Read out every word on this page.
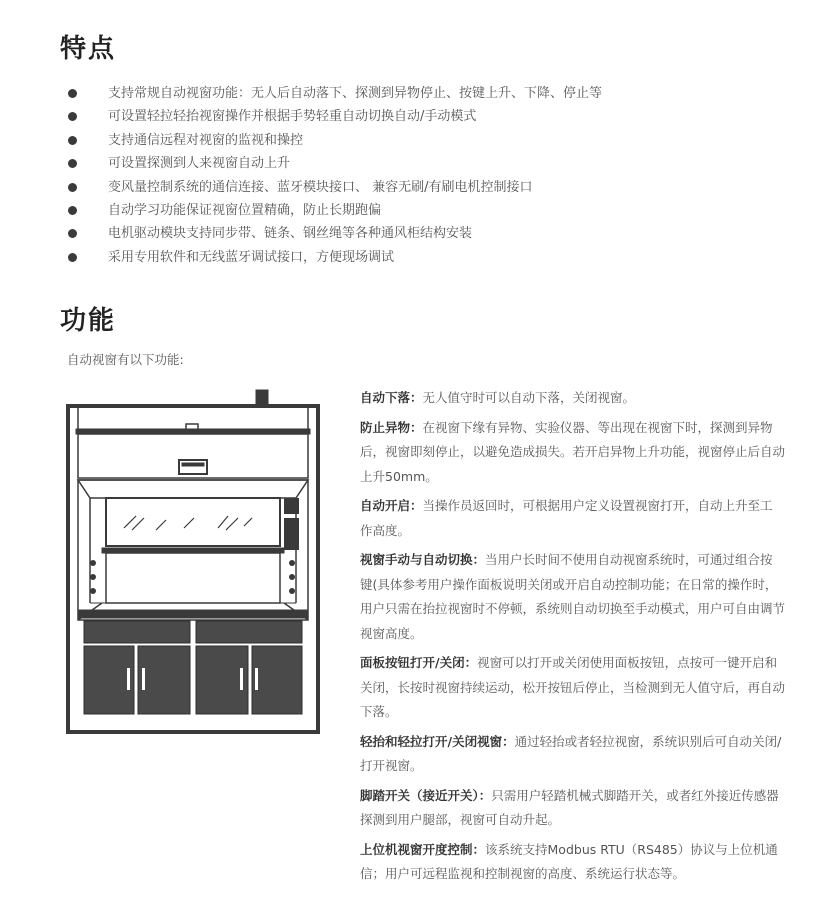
特点
支持常规自动视窗功能：无人后自动落下、探测到异物停止、按键上升、下降、停止等
可设置轻拉轻抬视窗操作并根据手势轻重自动切换自动/手动模式
支持通信远程对视窗的监视和操控
可设置探测到人来视窗自动上升
变风量控制系统的通信连接、蓝牙模块接口、 兼容无刷/有刷电机控制接口
自动学习功能保证视窗位置精确，防止长期跑偏
电机驱动模块支持同步带、链条、钢丝绳等各种通风柜结构安装
采用专用软件和无线蓝牙调试接口，方便现场调试
功能
自动视窗有以下功能:

自动下落：无人值守时可以自动下落，关闭视窗。

防止异物：在视窗下缘有异物、实验仪器、等出现在视窗下时，探测到异物后，视窗即刻停止，以避免造成损失。若开启异物上升功能，视窗停止后自动上升50mm。

自动开启：当操作员返回时，可根据用户定义设置视窗打开，自动上升至工作高度。

视窗手动与自动切换：当用户长时间不使用自动视窗系统时，可通过组合按键(具体参考用户操作面板说明关闭或开启自动控制功能；在日常的操作时，用户只需在抬拉视窗时不停顿，系统则自动切换至手动模式，用户可自由调节视窗高度。

面板按钮打开/关闭：视窗可以打开或关闭使用面板按钮，点按可一键开启和关闭，长按时视窗持续运动，松开按钮后停止，当检测到无人值守后，再自动下落。

轻抬和轻拉打开/关闭视窗：通过轻抬或者轻拉视窗，系统识别后可自动关闭/打开视窗。

脚踏开关（接近开关）：只需用户轻踏机械式脚踏开关，或者红外接近传感器探测到用户腿部，视窗可自动升起。

上位机视窗开度控制：该系统支持Modbus RTU（RS485）协议与上位机通信；用户可远程监视和控制视窗的高度、系统运行状态等。
